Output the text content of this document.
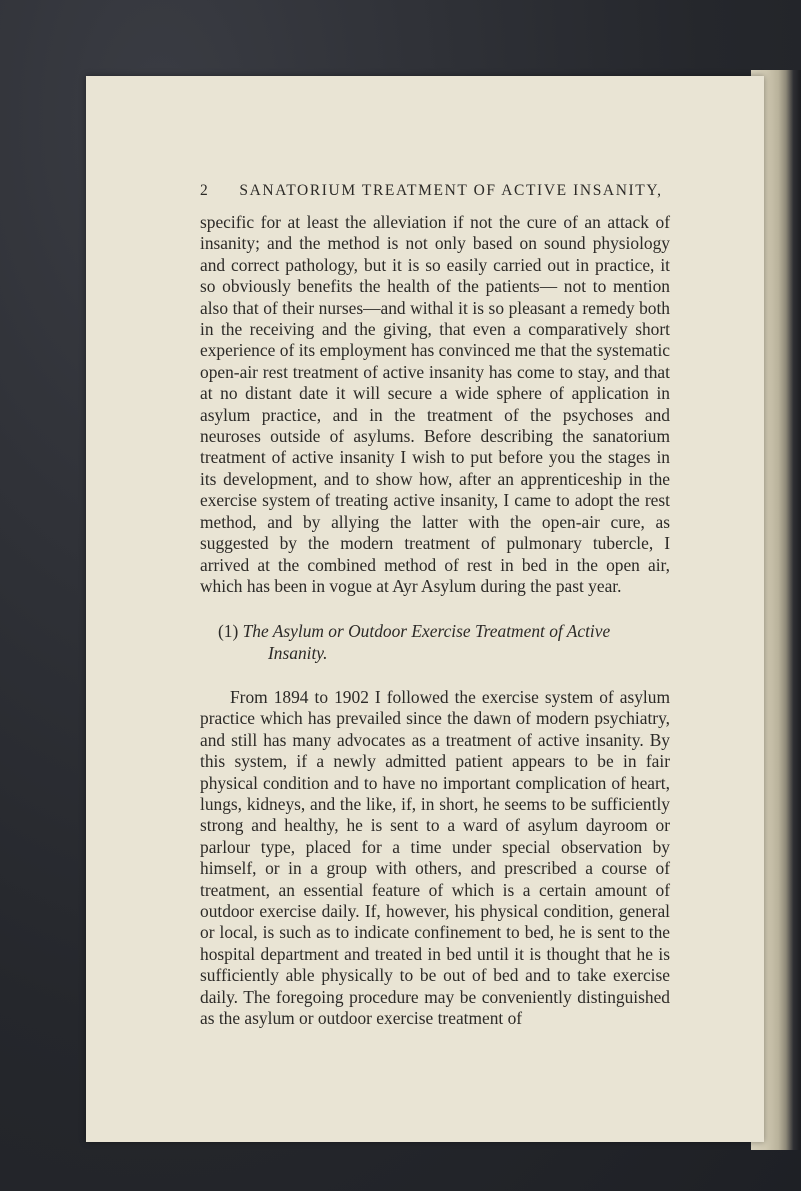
2 SANATORIUM TREATMENT OF ACTIVE INSANITY,

specific for at least the alleviation if not the cure of an attack of insanity; and the method is not only based on sound physiology and correct pathology, but it is so easily carried out in practice, it so obviously benefits the health of the patients— not to mention also that of their nurses—and withal it is so pleasant a remedy both in the receiving and the giving, that even a comparatively short experience of its employment has convinced me that the systematic open-air rest treatment of active insanity has come to stay, and that at no distant date it will secure a wide sphere of application in asylum practice, and in the treatment of the psychoses and neuroses outside of asylums. Before describing the sanatorium treatment of active insanity I wish to put before you the stages in its development, and to show how, after an apprenticeship in the exercise system of treating active insanity, I came to adopt the rest method, and by allying the latter with the open-air cure, as suggested by the modern treatment of pulmonary tubercle, I arrived at the combined method of rest in bed in the open air, which has been in vogue at Ayr Asylum during the past year.

(1) The Asylum or Outdoor Exercise Treatment of Active
Insanity.

From 1894 to 1902 I followed the exercise system of asylum practice which has prevailed since the dawn of modern psychiatry, and still has many advocates as a treatment of active insanity. By this system, if a newly admitted patient appears to be in fair physical condition and to have no important complication of heart, lungs, kidneys, and the like, if, in short, he seems to be sufficiently strong and healthy, he is sent to a ward of asylum dayroom or parlour type, placed for a time under special observation by himself, or in a group with others, and prescribed a course of treatment, an essential feature of which is a certain amount of outdoor exercise daily. If, however, his physical condition, general or local, is such as to indicate confinement to bed, he is sent to the hospital department and treated in bed until it is thought that he is sufficiently able physically to be out of bed and to take exercise daily. The foregoing procedure may be conveniently distinguished as the asylum or outdoor exercise treatment of
